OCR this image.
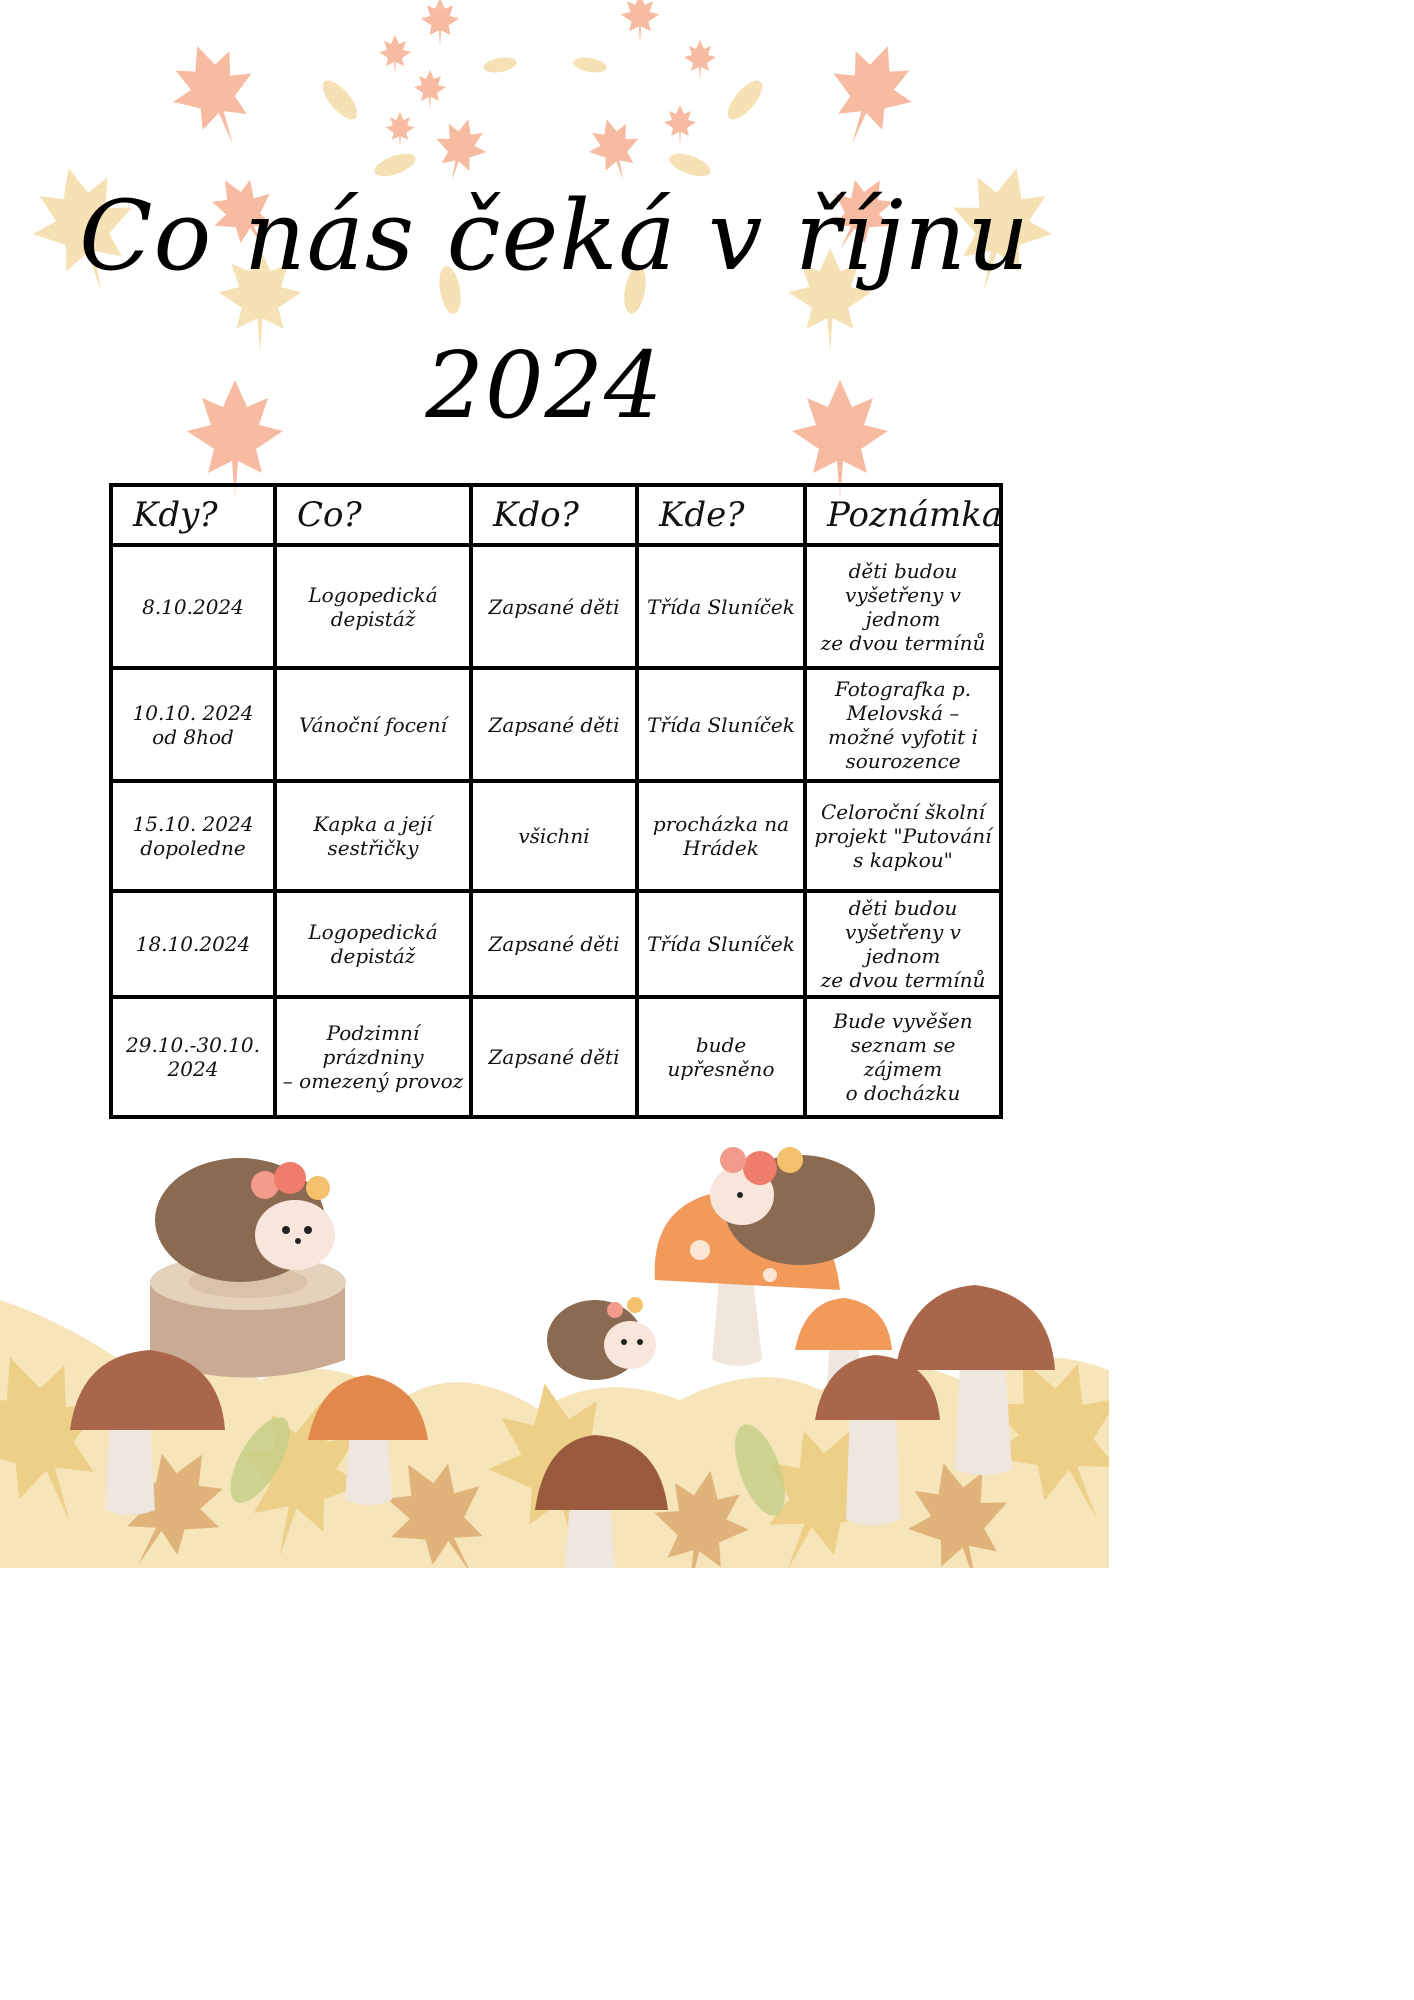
Co nás čeká v říjnu
2024
Kdy?	Co?	Kdo?	Kde?	Poznámka

8.10.2024	Logopedická depistáž	Zapsané děti	Třída Sluníček	děti budou
vyšetřeny v jednom
ze dvou termínů

10.10. 2024
od 8hod	Vánoční focení	Zapsané děti	Třída Sluníček	Fotografka p.
Melovská –
možné vyfotit i
sourozence

15.10. 2024
dopoledne	Kapka a její sestřičky	všichni	procházka na
Hrádek	Celoroční školní
projekt "Putování
s kapkou"

18.10.2024	Logopedická depistáž	Zapsané děti	Třída Sluníček	děti budou
vyšetřeny v jednom
ze dvou termínů

29.10.-30.10.
2024	Podzimní prázdniny
– omezený provoz	Zapsané děti	bude upřesněno	Bude vyvěšen
seznam se zájmem
o docházku
